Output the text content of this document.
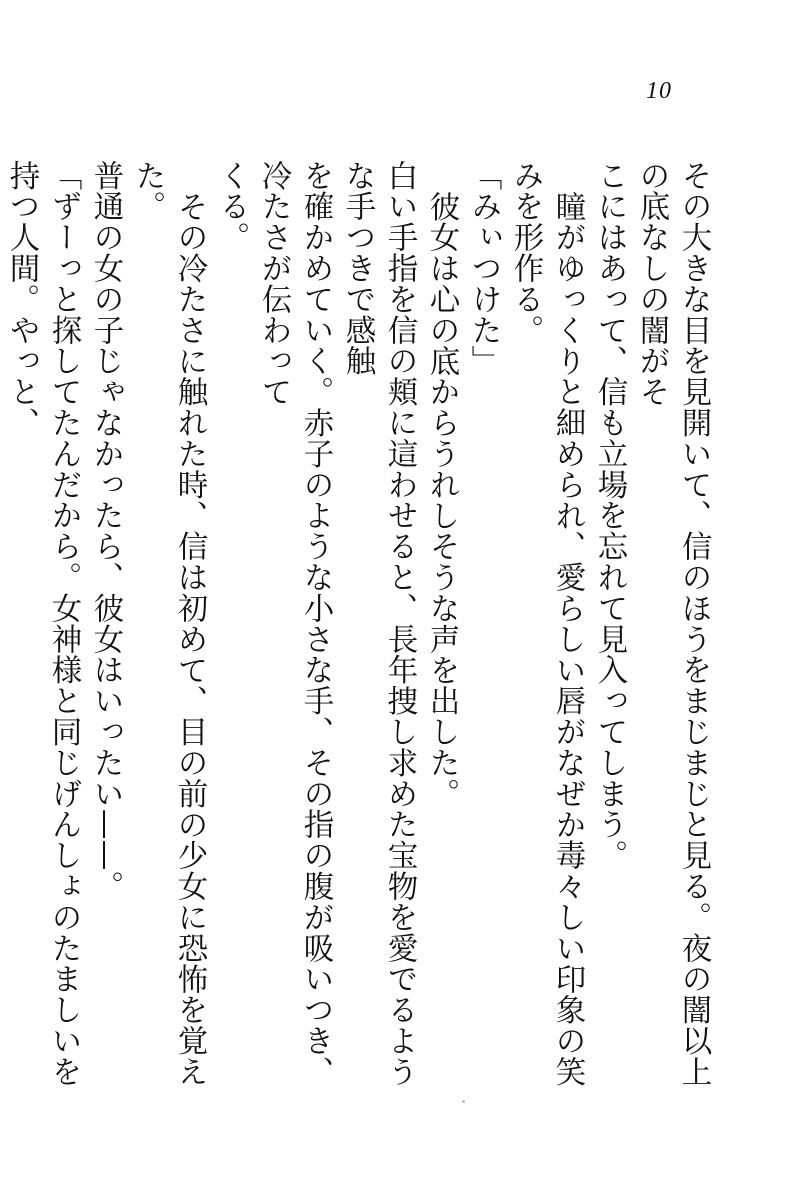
10

その大きな目を見開いて、信のほうをまじまじと見る。夜の闇以上の底なしの闇がそ
こにはあって、信も立場を忘れて見入ってしまう。

瞳がゆっくりと細められ、愛らしい唇がなぜか毒々しい印象の笑みを形作る。

「みぃつけた」

彼女は心の底からうれしそうな声を出した。
白い手指を信の頬に這わせると、長年捜し求めた宝物を愛でるような手つきで感触
を確かめていく。赤子のような小さな手、その指の腹が吸いつき、冷たさが伝わって
くる。

その冷たさに触れた時、信は初めて、目の前の少女に恐怖を覚えた。
普通の女の子じゃなかったら、彼女はいったい——。

「ずーっと探してたんだから。女神様と同じげんしょのたましいを持つ人間。やっと、
